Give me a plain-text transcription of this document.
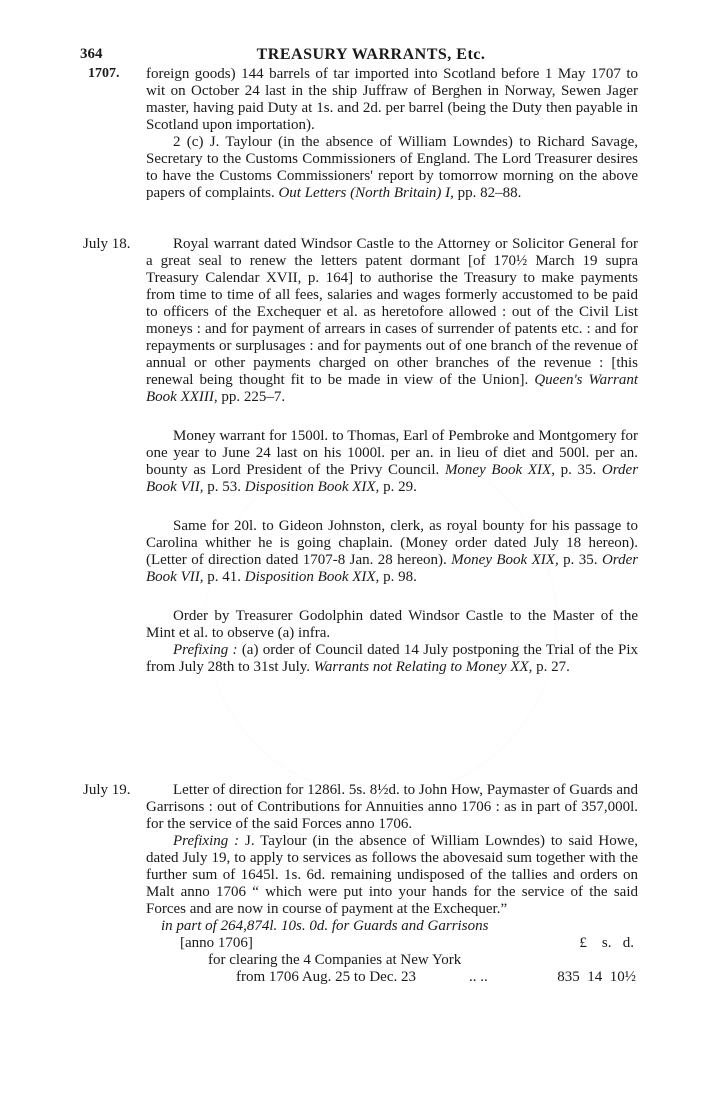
364	TREASURY WARRANTS, Etc.
1707. foreign goods) 144 barrels of tar imported into Scotland before 1 May 1707 to wit on October 24 last in the ship Juffraw of Berghen in Norway, Sewen Jager master, having paid Duty at 1s. and 2d. per barrel (being the Duty then payable in Scotland upon importation).

2 (c) J. Taylour (in the absence of William Lowndes) to Richard Savage, Secretary to the Customs Commissioners of England. The Lord Treasurer desires to have the Customs Commissioners' report by tomorrow morning on the above papers of complaints. Out Letters (North Britain) I, pp. 82–88.

July 18.	Royal warrant dated Windsor Castle to the Attorney or Solicitor General for a great seal to renew the letters patent dormant [of 170½ March 19 supra Treasury Calendar XVII, p. 164] to authorise the Treasury to make payments from time to time of all fees, salaries and wages formerly accustomed to be paid to officers of the Exchequer et al. as heretofore allowed : out of the Civil List moneys : and for payment of arrears in cases of surrender of patents etc. : and for repayments or surplusages : and for payments out of one branch of the revenue of annual or other payments charged on other branches of the revenue : [this renewal being thought fit to be made in view of the Union]. Queen's Warrant Book XXIII, pp. 225–7.

Money warrant for 1500l. to Thomas, Earl of Pembroke and Montgomery for one year to June 24 last on his 1000l. per an. in lieu of diet and 500l. per an. bounty as Lord President of the Privy Council. Money Book XIX, p. 35. Order Book VII, p. 53. Disposition Book XIX, p. 29.

Same for 20l. to Gideon Johnston, clerk, as royal bounty for his passage to Carolina whither he is going chaplain. (Money order dated July 18 hereon). (Letter of direction dated 1707-8 Jan. 28 hereon). Money Book XIX, p. 35. Order Book VII, p. 41. Disposition Book XIX, p. 98.

Order by Treasurer Godolphin dated Windsor Castle to the Master of the Mint et al. to observe (a) infra.

Prefixing : (a) order of Council dated 14 July postponing the Trial of the Pix from July 28th to 31st July. Warrants not Relating to Money XX, p. 27.

July 19.	Letter of direction for 1286l. 5s. 8½d. to John How, Paymaster of Guards and Garrisons : out of Contributions for Annuities anno 1706 : as in part of 357,000l. for the service of the said Forces anno 1706.

Prefixing : J. Taylour (in the absence of William Lowndes) to said Howe, dated July 19, to apply to services as follows the abovesaid sum together with the further sum of 1645l. 1s. 6d. remaining undisposed of the tallies and orders on Malt anno 1706 “ which were put into your hands for the service of the said Forces and are now in course of payment at the Exchequer.”

in part of 264,874l. 10s. 0d. for Guards and Garrisons
[anno 1706]	£    s.   d.
for clearing the 4 Companies at New York
from 1706 Aug. 25 to Dec. 23	.. ..	835  14  10½
